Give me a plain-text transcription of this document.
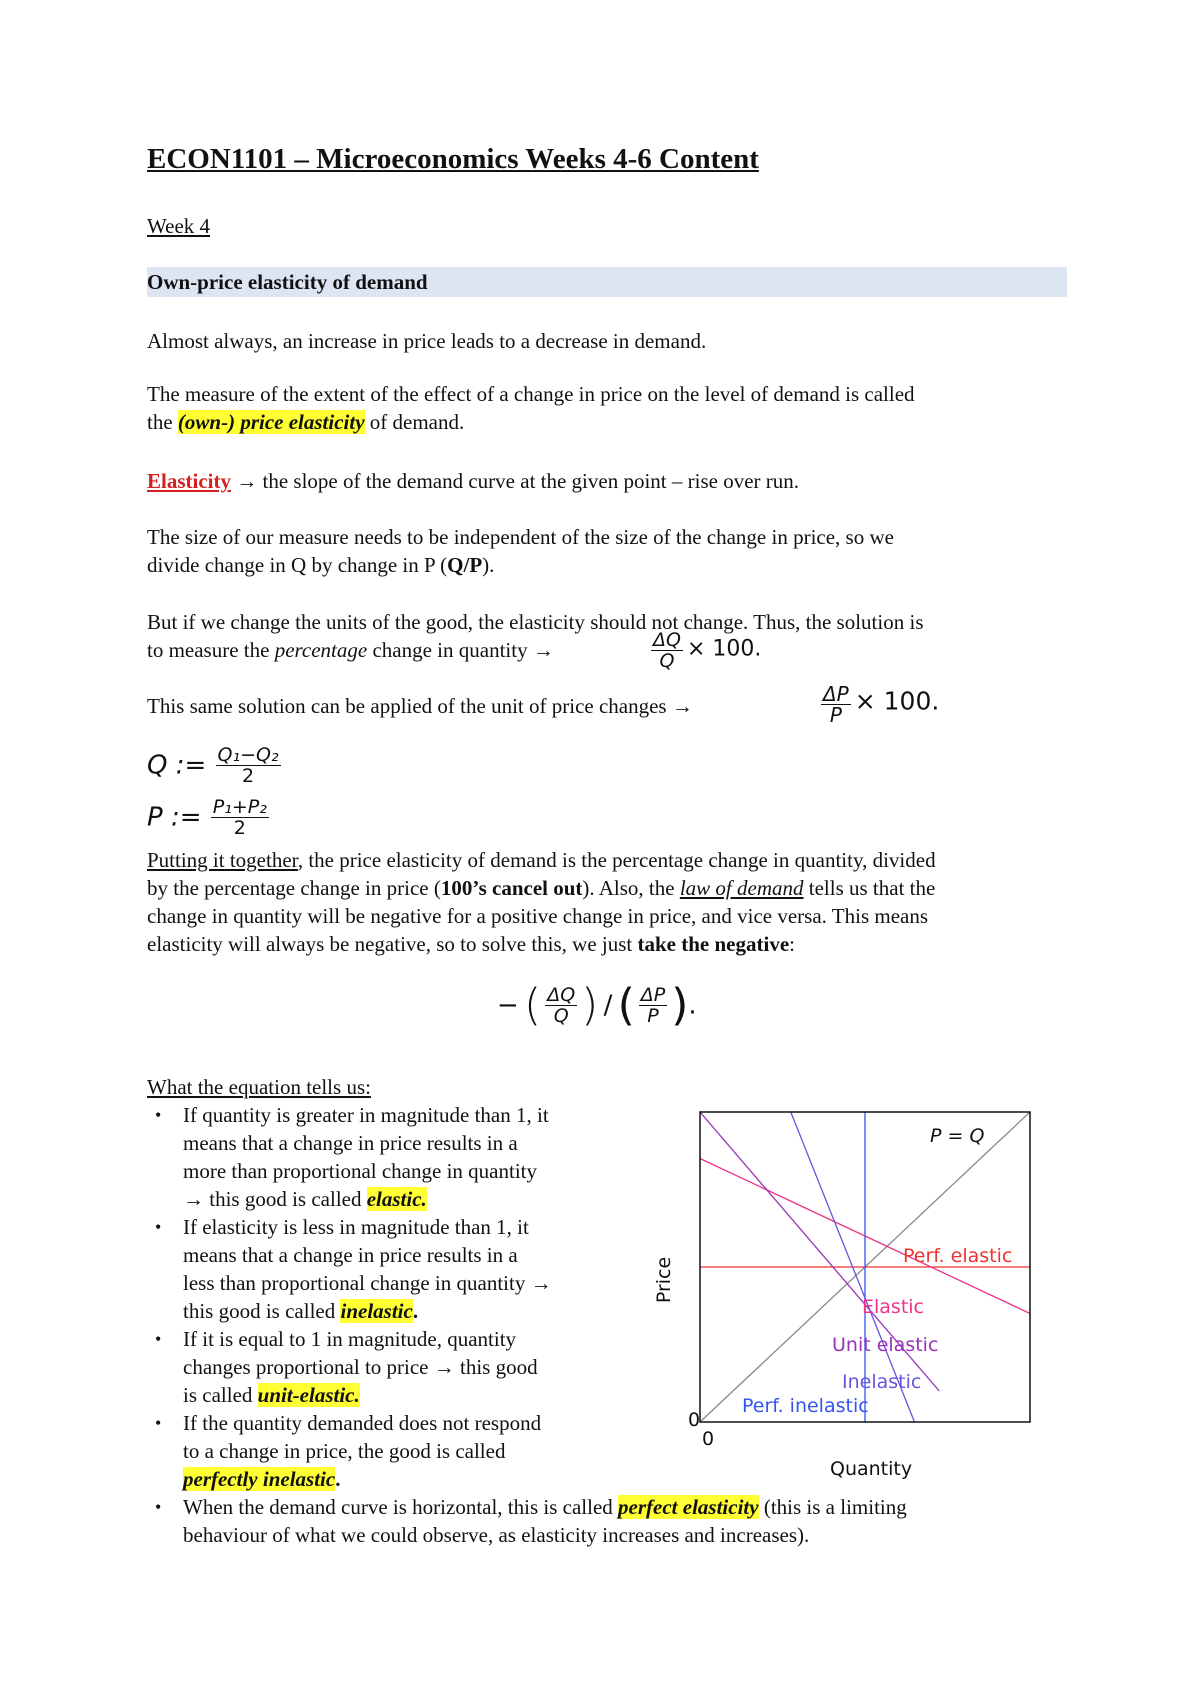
ECON1101 – Microeconomics Weeks 4-6 Content
Week 4
Own-price elasticity of demand
Almost always, an increase in price leads to a decrease in demand.
The measure of the extent of the effect of a change in price on the level of demand is called
the (own-) price elasticity of demand.
Elasticity → the slope of the demand curve at the given point – rise over run.
The size of our measure needs to be independent of the size of the change in price, so we
divide change in Q by change in P (Q/P).
But if we change the units of the good, the elasticity should not change. Thus, the solution is
to measure the percentage change in quantity →	$\frac{\Delta Q}{Q} \times 100$.
This same solution can be applied of the unit of price changes →	$\frac{\Delta P}{P} \times 100$.
Q := $\frac{\text{Q₁−Q₂}}{2}$
P := $\frac{\text{P₁+P₂}}{2}$
Putting it together, the price elasticity of demand is the percentage change in quantity, divided
by the percentage change in price (100’s cancel out). Also, the law of demand tells us that the
change in quantity will be negative for a positive change in price, and vice versa. This means
elasticity will always be negative, so to solve this, we just take the negative:
− ( $\frac{\Delta Q}{Q}$ ) / ( $\frac{\Delta P}{P}$ ).
What the equation tells us:
• If quantity is greater in magnitude than 1, it
means that a change in price results in a
more than proportional change in quantity
→ this good is called elastic.
• If elasticity is less in magnitude than 1, it
means that a change in price results in a
less than proportional change in quantity →
this good is called inelastic.
• If it is equal to 1 in magnitude, quantity
changes proportional to price → this good
is called unit-elastic.
• If the quantity demanded does not respond
to a change in price, the good is called
perfectly inelastic.
• When the demand curve is horizontal, this is called perfect elasticity (this is a limiting
behaviour of what we could observe, as elasticity increases and increases).
P = Q
Perf. elastic
Elastic
Unit elastic
Inelastic
Perf. inelastic
0
0
Quantity
Price
